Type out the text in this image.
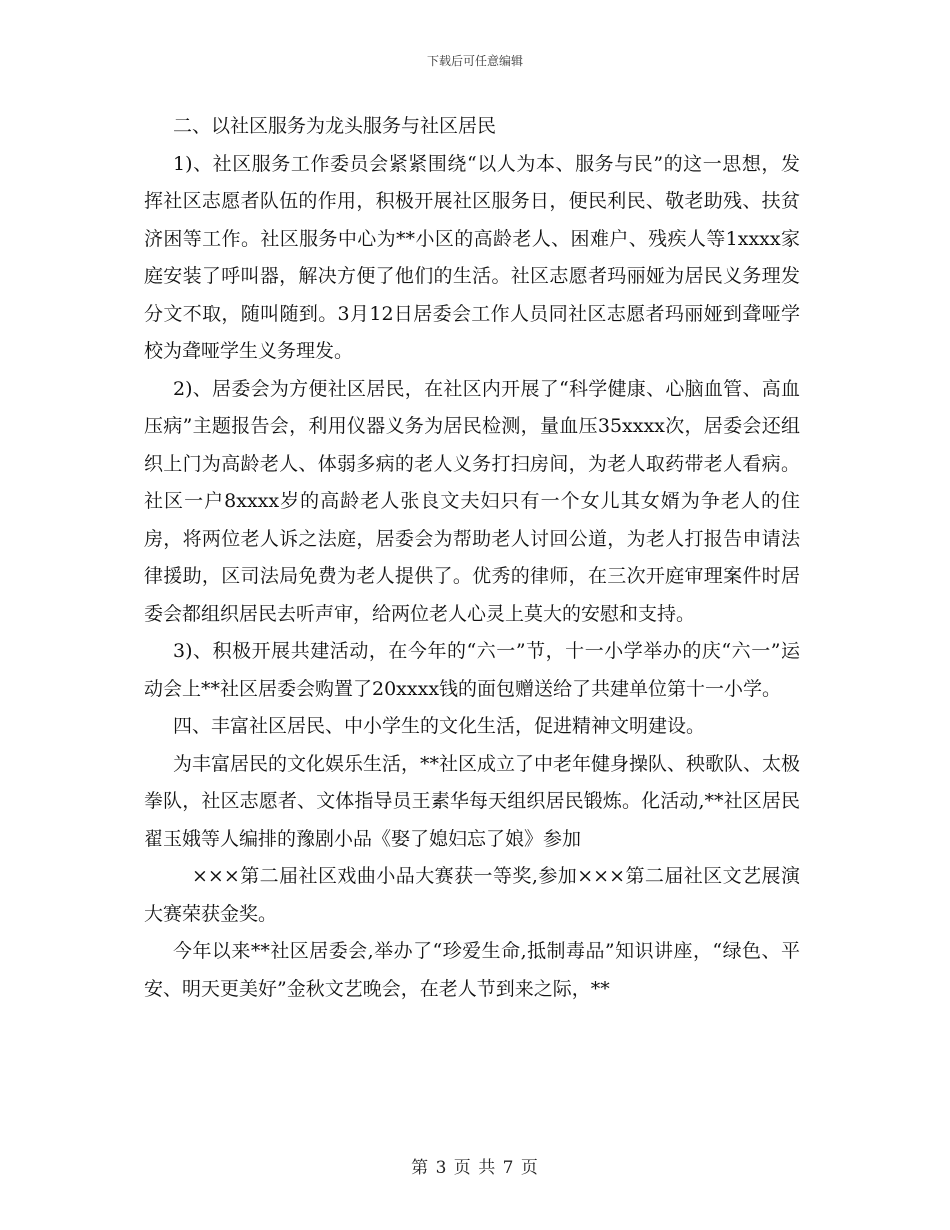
下载后可任意编辑

二、以社区服务为龙头服务与社区居民

1)、社区服务工作委员会紧紧围绕“以人为本、服务与民”的这一思想，发挥社区志愿者队伍的作用，积极开展社区服务日，便民利民、敬老助残、扶贫济困等工作。社区服务中心为**小区的高龄老人、困难户、残疾人等1xxxx家庭安装了呼叫器，解决方便了他们的生活。社区志愿者玛丽娅为居民义务理发分文不取，随叫随到。3月12日居委会工作人员同社区志愿者玛丽娅到聋哑学校为聋哑学生义务理发。

2)、居委会为方便社区居民，在社区内开展了“科学健康、心脑血管、高血压病”主题报告会，利用仪器义务为居民检测，量血压35xxxx次，居委会还组织上门为高龄老人、体弱多病的老人义务打扫房间，为老人取药带老人看病。社区一户8xxxx岁的高龄老人张良文夫妇只有一个女儿其女婿为争老人的住房，将两位老人诉之法庭，居委会为帮助老人讨回公道，为老人打报告申请法律援助，区司法局免费为老人提供了。优秀的律师，在三次开庭审理案件时居委会都组织居民去听声审，给两位老人心灵上莫大的安慰和支持。

3)、积极开展共建活动，在今年的“六一”节，十一小学举办的庆“六一”运动会上**社区居委会购置了20xxxx钱的面包赠送给了共建单位第十一小学。

四、丰富社区居民、中小学生的文化生活，促进精神文明建设。

为丰富居民的文化娱乐生活，**社区成立了中老年健身操队、秧歌队、太极拳队，社区志愿者、文体指导员王素华每天组织居民锻炼。化活动,**社区居民翟玉娥等人编排的豫剧小品《娶了媳妇忘了娘》参加

×××第二届社区戏曲小品大赛获一等奖,参加×××第二届社区文艺展演大赛荣获金奖。

今年以来**社区居委会,举办了“珍爱生命,抵制毒品”知识讲座，“绿色、平安、明天更美好”金秋文艺晚会，在老人节到来之际，**

第 3 页 共 7 页
